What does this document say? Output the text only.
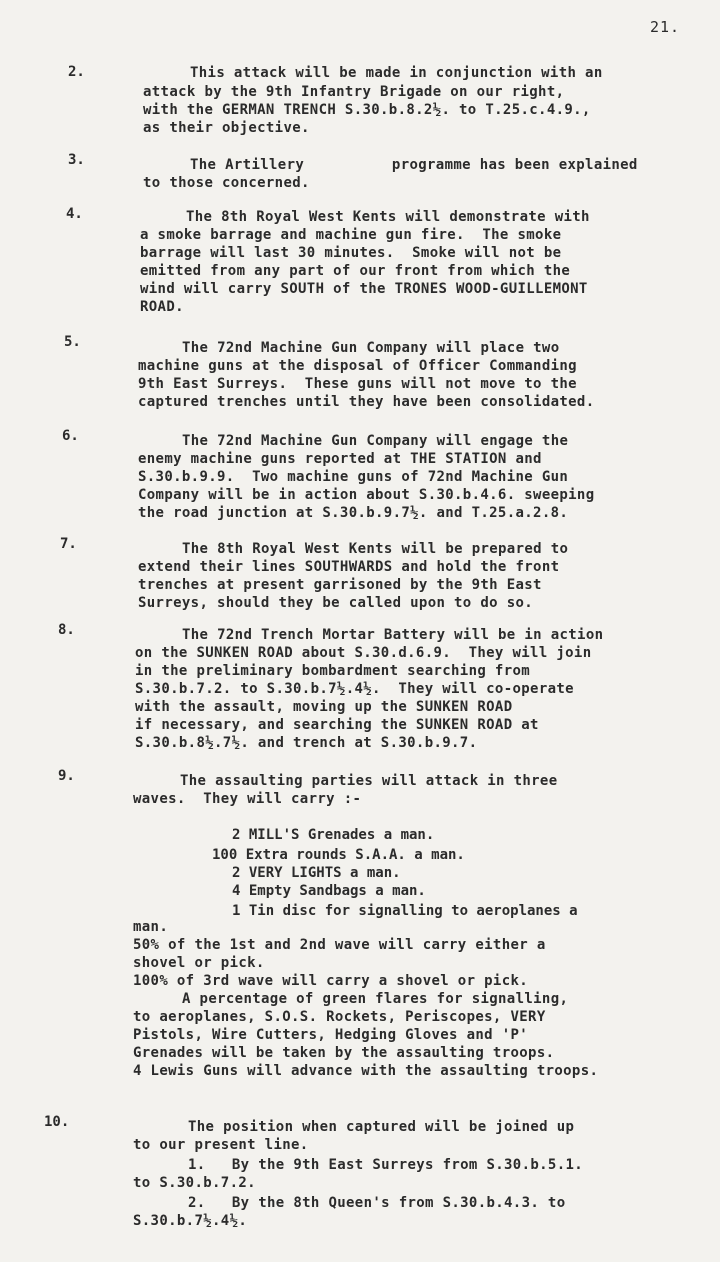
21.
2.	This attack will be made in conjunction with an
attack by the 9th Infantry Brigade on our right,
with the GERMAN TRENCH S.30.b.8.2½. to T.25.c.4.9.,
as their objective.
3.	The Artillery          programme has been explained
to those concerned.
4.	The 8th Royal West Kents will demonstrate with
a smoke barrage and machine gun fire.  The smoke
barrage will last 30 minutes.  Smoke will not be
emitted from any part of our front from which the
wind will carry SOUTH of the TRONES WOOD-GUILLEMONT
ROAD.
5.	The 72nd Machine Gun Company will place two
machine guns at the disposal of Officer Commanding
9th East Surreys.  These guns will not move to the
captured trenches until they have been consolidated.
6.	The 72nd Machine Gun Company will engage the
enemy machine guns reported at THE STATION and
S.30.b.9.9.  Two machine guns of 72nd Machine Gun
Company will be in action about S.30.b.4.6. sweeping
the road junction at S.30.b.9.7½. and T.25.a.2.8.
7.	The 8th Royal West Kents will be prepared to
extend their lines SOUTHWARDS and hold the front
trenches at present garrisoned by the 9th East
Surreys, should they be called upon to do so.
8.	The 72nd Trench Mortar Battery will be in action
on the SUNKEN ROAD about S.30.d.6.9.  They will join
in the preliminary bombardment searching from
S.30.b.7.2. to S.30.b.7½.4½.  They will co-operate
with the assault, moving up the SUNKEN ROAD
if necessary, and searching the SUNKEN ROAD at
S.30.b.8½.7½. and trench at S.30.b.9.7.
9.	The assaulting parties will attack in three
waves.  They will carry :-
2 MILL'S Grenades a man.
100 Extra rounds S.A.A. a man.
2 VERY LIGHTS a man.
4 Empty Sandbags a man.
1 Tin disc for signalling to aeroplanes a
man.
50% of the 1st and 2nd wave will carry either a
shovel or pick.
100% of 3rd wave will carry a shovel or pick.
A percentage of green flares for signalling,
to aeroplanes, S.O.S. Rockets, Periscopes, VERY
Pistols, Wire Cutters, Hedging Gloves and 'P'
Grenades will be taken by the assaulting troops.
4 Lewis Guns will advance with the assaulting troops.
10.	The position when captured will be joined up
to our present line.
1.   By the 9th East Surreys from S.30.b.5.1.
to S.30.b.7.2.
2.   By the 8th Queen's from S.30.b.4.3. to
S.30.b.7½.4½.
